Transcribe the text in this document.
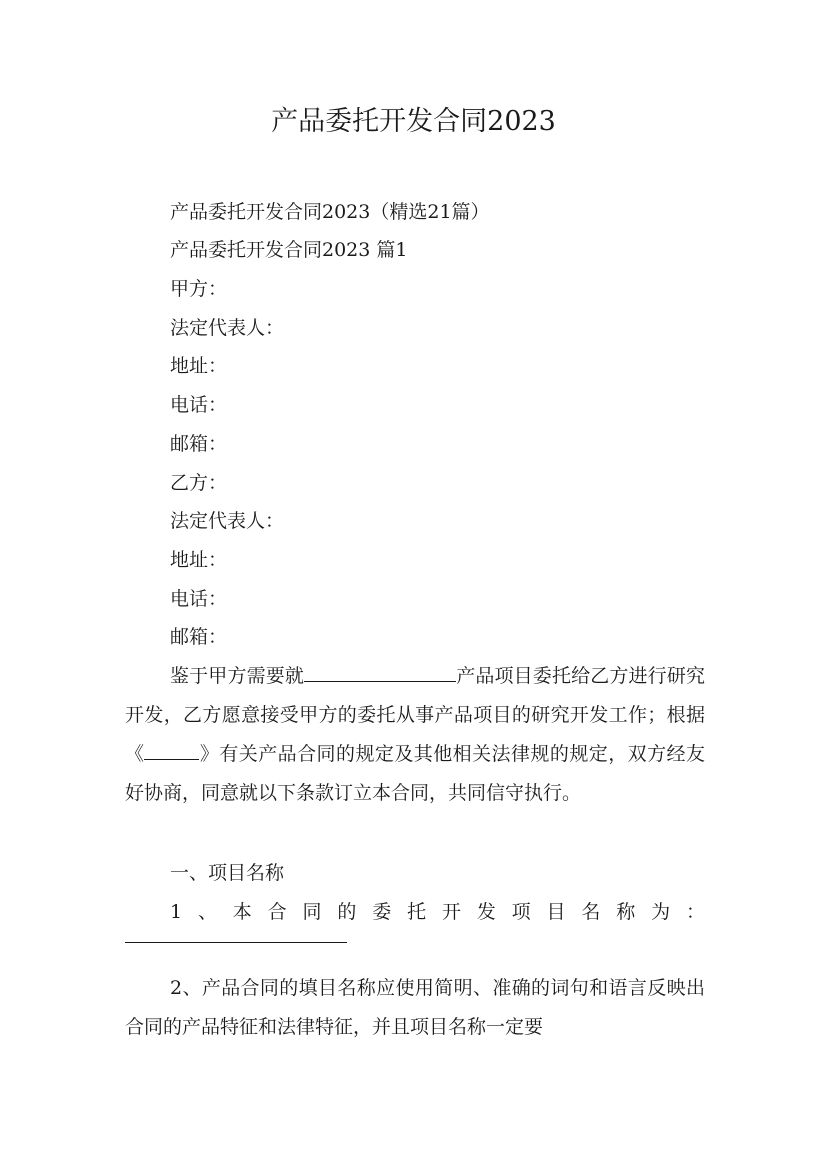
产品委托开发合同2023

产品委托开发合同2023（精选21篇）

产品委托开发合同2023 篇1

甲方：

法定代表人：

地址：

电话：

邮箱：

乙方：

法定代表人：

地址：

电话：

邮箱：

鉴于甲方需要就	产品项目委托给乙方进行研究开发，乙方愿意接受甲方的委托从事产品项目的研究开发工作；根据《	》有关产品合同的规定及其他相关法律规的规定，双方经友好协商，同意就以下条款订立本合同，共同信守执行。

一、项目名称

1 、 本 合 同 的 委 托 开 发 项 目 名 称 为 ：

2、产品合同的填目名称应使用简明、准确的词句和语言反映出合同的产品特征和法律特征，并且项目名称一定要
